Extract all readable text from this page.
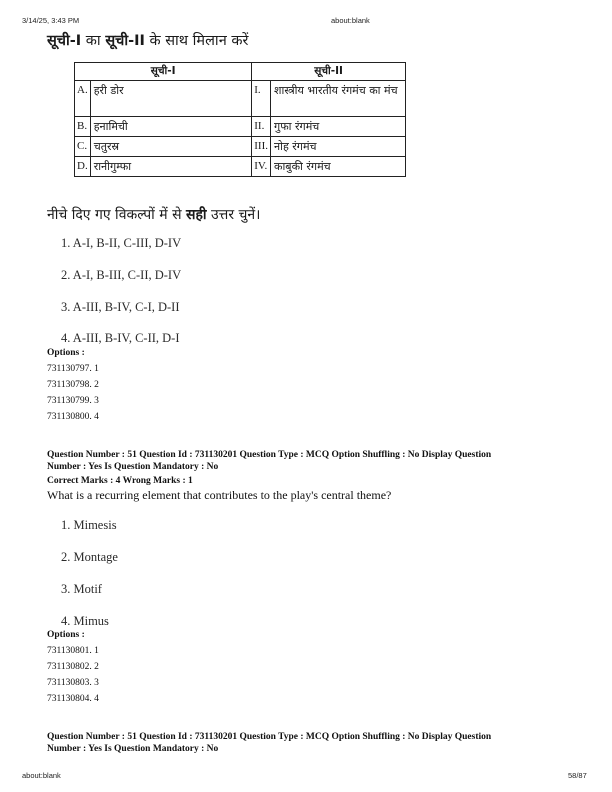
3/14/25, 3:43 PM	about:blank
सूची-I का सूची-II के साथ मिलान करें
सूची-I		सूची-II	
A.	हरी डोर	I.	शास्त्रीय भारतीय रंगमंच का मंच
B.	हनामिची	II.	गुफा रंगमंच
C.	चतुरस्र	III.	नोह रंगमंच
D.	रानीगुम्फा	IV.	काबुकी रंगमंच
नीचे दिए गए विकल्पों में से सही उत्तर चुनें।
1. A-I, B-II, C-III, D-IV
2. A-I, B-III, C-II, D-IV
3. A-III, B-IV, C-I, D-II
4. A-III, B-IV, C-II, D-I
Options :
731130797. 1
731130798. 2
731130799. 3
731130800. 4
Question Number : 51 Question Id : 731130201 Question Type : MCQ Option Shuffling : No Display Question
Number : Yes Is Question Mandatory : No
Correct Marks : 4 Wrong Marks : 1
What is a recurring element that contributes to the play's central theme?
1. Mimesis
2. Montage
3. Motif
4. Mimus
Options :
731130801. 1
731130802. 2
731130803. 3
731130804. 4
Question Number : 51 Question Id : 731130201 Question Type : MCQ Option Shuffling : No Display Question
Number : Yes Is Question Mandatory : No
about:blank	58/87
